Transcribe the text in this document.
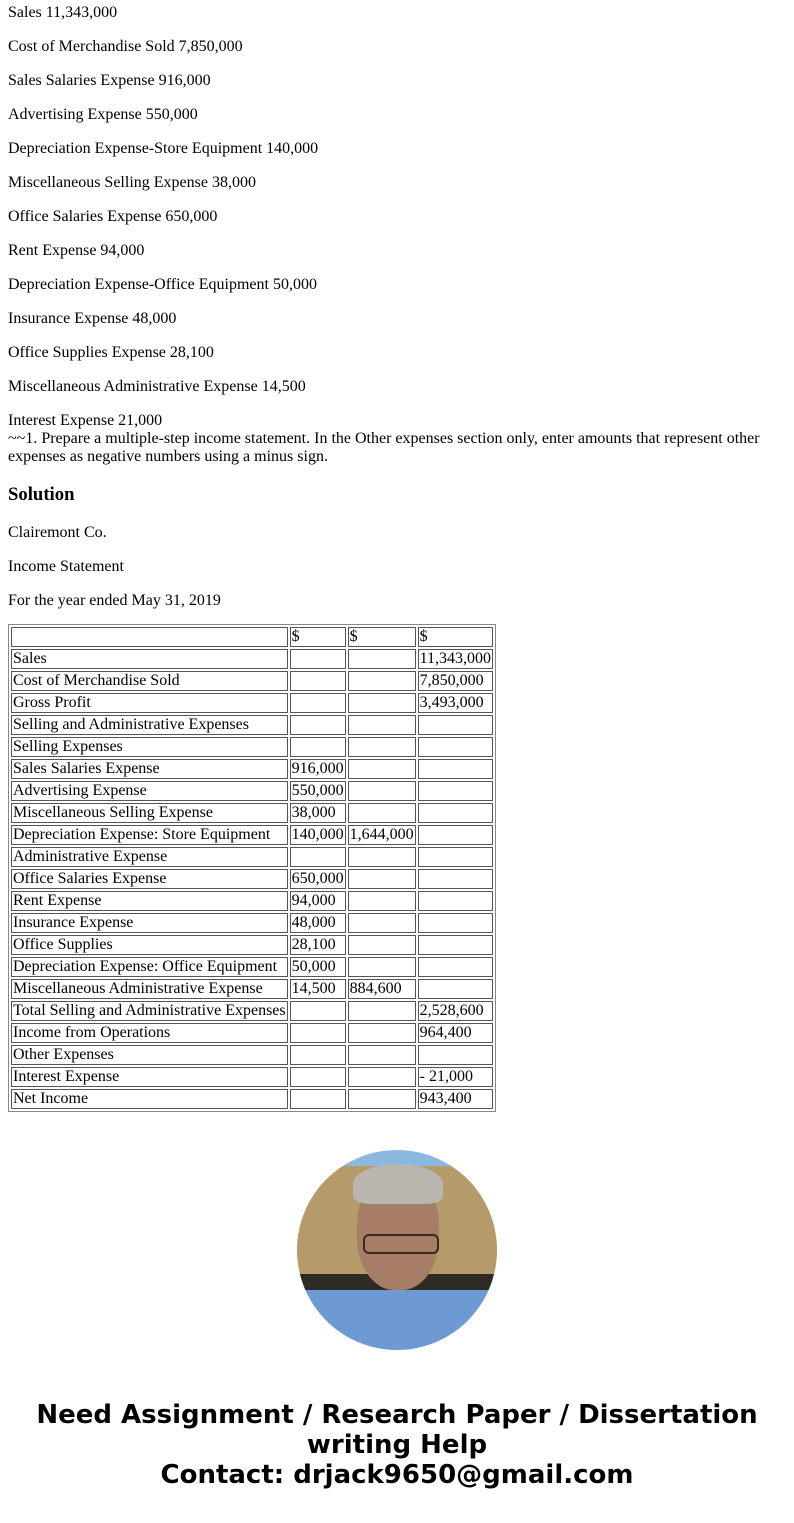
Sales 11,343,000

Cost of Merchandise Sold 7,850,000

Sales Salaries Expense 916,000

Advertising Expense 550,000

Depreciation Expense-Store Equipment 140,000

Miscellaneous Selling Expense 38,000

Office Salaries Expense 650,000

Rent Expense 94,000

Depreciation Expense-Office Equipment 50,000

Insurance Expense 48,000

Office Supplies Expense 28,100

Miscellaneous Administrative Expense 14,500

Interest Expense 21,000

~~1. Prepare a multiple-step income statement. In the Other expenses section only, enter amounts that represent other expenses as negative numbers using a minus sign.
Solution

Clairemont Co.

Income Statement

For the year ended May 31, 2019

	$	$	$
Sales			11,343,000
Cost of Merchandise Sold			7,850,000
Gross Profit			3,493,000
Selling and Administrative Expenses			
Selling Expenses			
Sales Salaries Expense	916,000		
Advertising Expense	550,000		
Miscellaneous Selling Expense	38,000		
Depreciation Expense: Store Equipment	140,000	1,644,000	
Administrative Expense			
Office Salaries Expense	650,000		
Rent Expense	94,000		
Insurance Expense	48,000		
Office Supplies	28,100		
Depreciation Expense: Office Equipment	50,000		
Miscellaneous Administrative Expense	14,500	884,600	
Total Selling and Administrative Expenses			2,528,600
Income from Operations			964,400
Other Expenses			
Interest Expense			- 21,000
Net Income			943,400
Need Assignment / Research Paper / Dissertation writing Help
Contact: drjack9650@gmail.com
